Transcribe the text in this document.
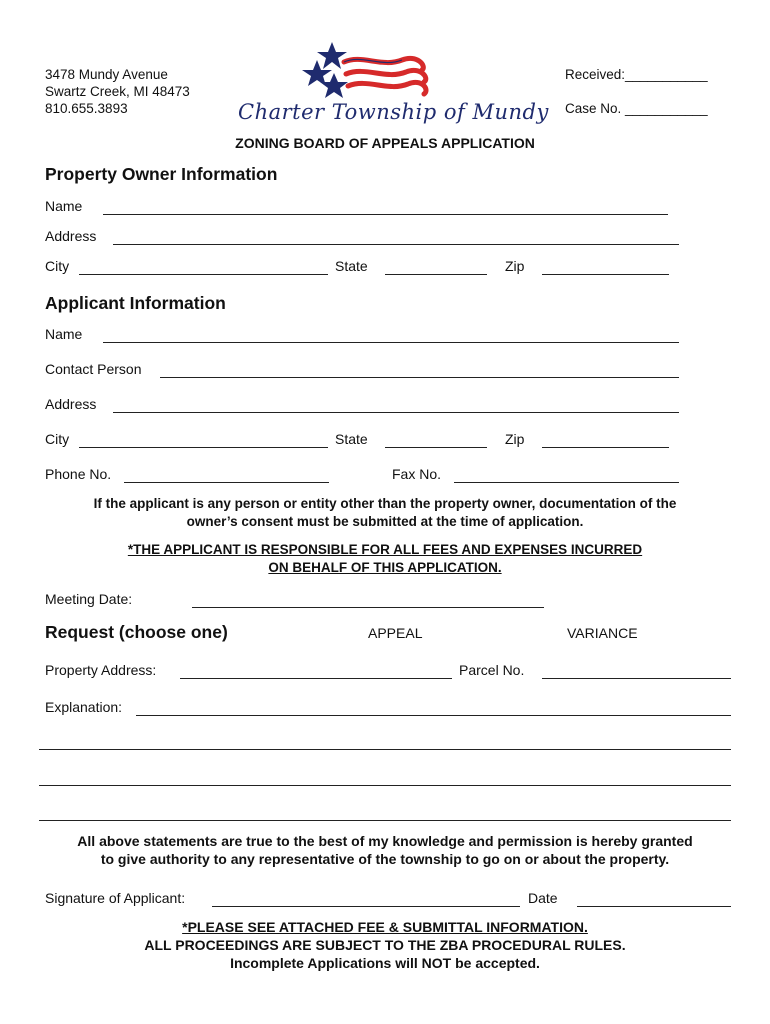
3478 Mundy Avenue
Swartz Creek, MI 48473
810.655.3893
Received:___________
Case No. ___________
Charter Township of Mundy
ZONING BOARD OF APPEALS APPLICATION
Property Owner Information
Name
Address
City	State	Zip
Applicant Information
Name
Contact Person
Address
City	State	Zip
Phone No.	Fax No.
If the applicant is any person or entity other than the property owner, documentation of the
owner’s consent must be submitted at the time of application.
*THE APPLICANT IS RESPONSIBLE FOR ALL FEES AND EXPENSES INCURRED
ON BEHALF OF THIS APPLICATION.
Meeting Date:
Request (choose one)	APPEAL	VARIANCE
Property Address:	Parcel No.
Explanation:
All above statements are true to the best of my knowledge and permission is hereby granted
to give authority to any representative of the township to go on or about the property.
Signature of Applicant:	Date
*PLEASE SEE ATTACHED FEE & SUBMITTAL INFORMATION.
ALL PROCEEDINGS ARE SUBJECT TO THE ZBA PROCEDURAL RULES.
Incomplete Applications will NOT be accepted.
